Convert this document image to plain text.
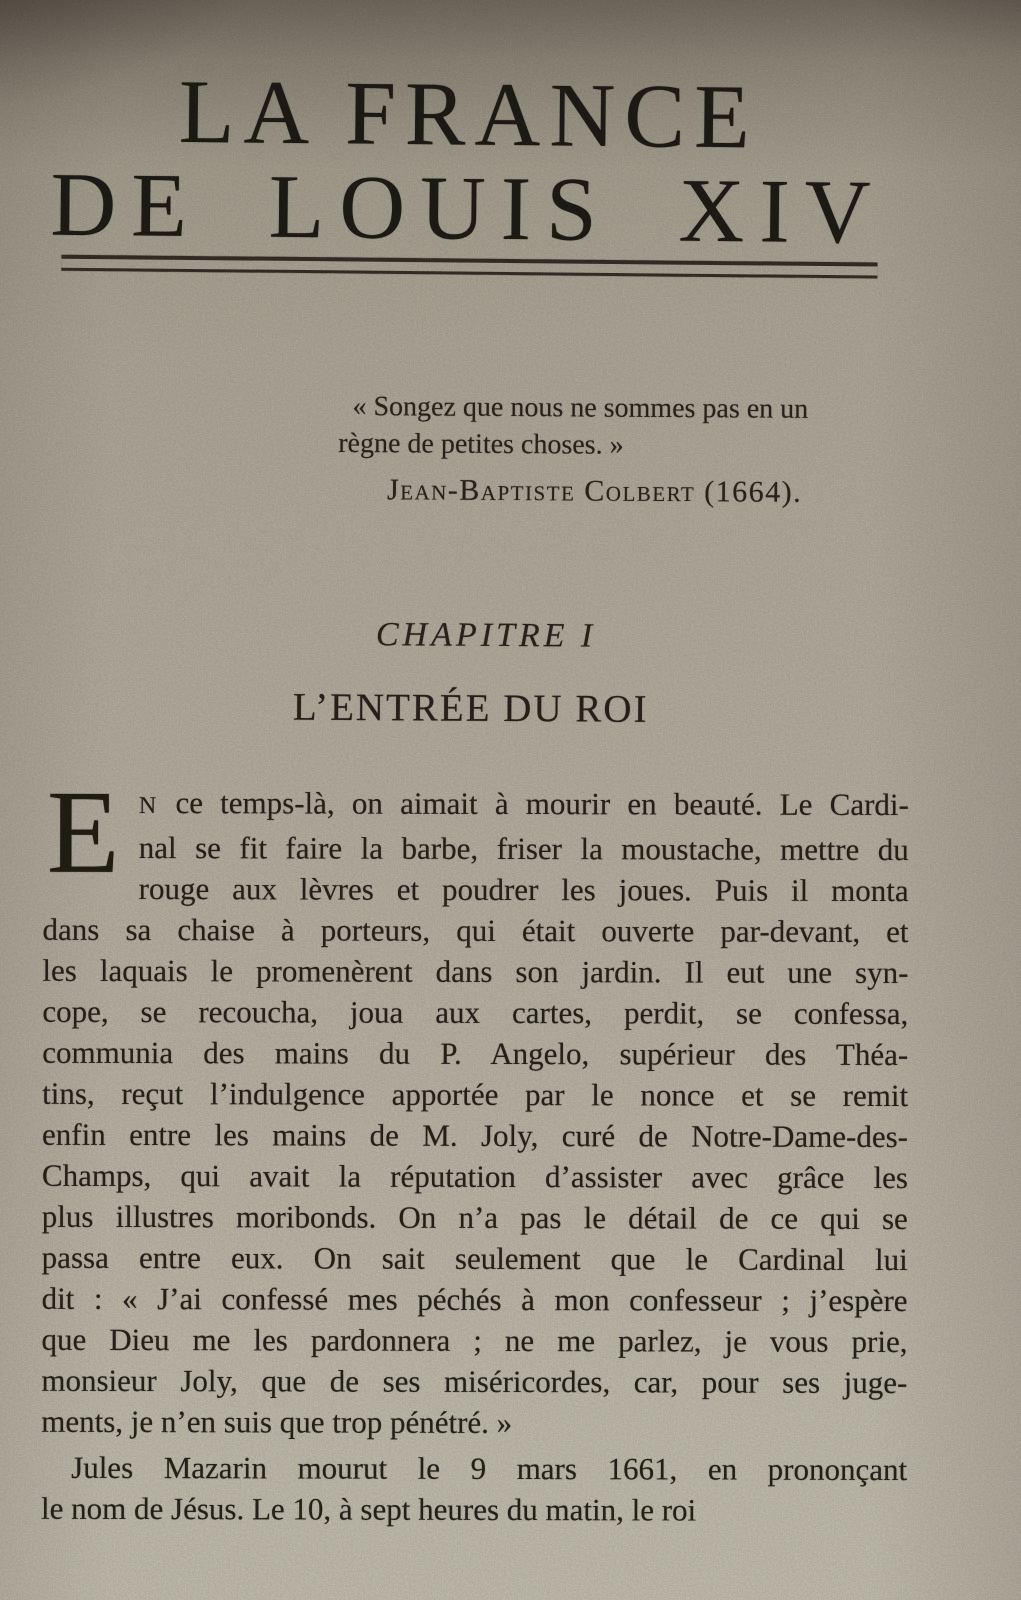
LA FRANCE
DE LOUIS XIV
« Songez que nous ne sommes pas en un
règne de petites choses. »
Jean-Baptiste Colbert (1664).
CHAPITRE I
L’ENTRÉE DU ROI
E N ce temps-là, on aimait à mourir en beauté. Le Cardi-
nal se fit faire la barbe, friser la moustache, mettre du
rouge aux lèvres et poudrer les joues. Puis il monta
dans sa chaise à porteurs, qui était ouverte par-devant, et
les laquais le promenèrent dans son jardin. Il eut une syn-
cope, se recoucha, joua aux cartes, perdit, se confessa,
communia des mains du P. Angelo, supérieur des Théa-
tins, reçut l’indulgence apportée par le nonce et se remit
enfin entre les mains de M. Joly, curé de Notre-Dame-des-
Champs, qui avait la réputation d’assister avec grâce les
plus illustres moribonds. On n’a pas le détail de ce qui se
passa entre eux. On sait seulement que le Cardinal lui
dit : « J’ai confessé mes péchés à mon confesseur ; j’espère
que Dieu me les pardonnera ; ne me parlez, je vous prie,
monsieur Joly, que de ses miséricordes, car, pour ses juge-
ments, je n’en suis que trop pénétré. »
Jules Mazarin mourut le 9 mars 1661, en prononçant
le nom de Jésus. Le 10, à sept heures du matin, le roi
